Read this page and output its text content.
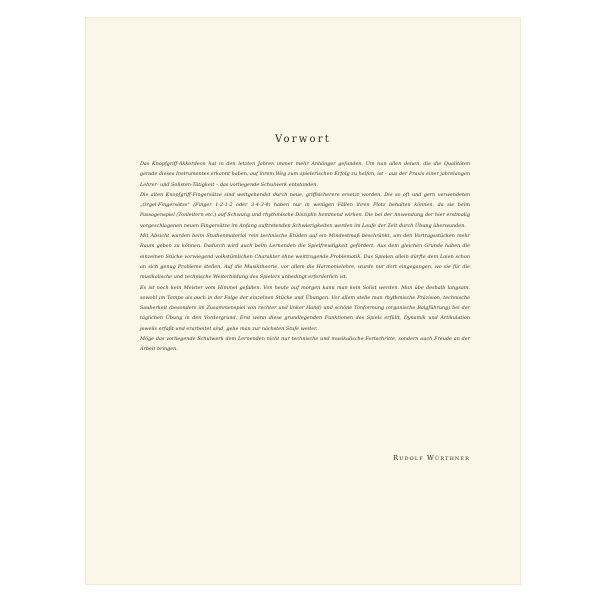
Vorwort

Das Knopfgriff-Akkordeon hat in den letzten Jahren immer mehr Anhänger gefunden. Um nun allen denen, die die Qualitäten gerade dieses Instrumentes erkannt haben, auf ihrem Weg zum spielerischen Erfolg zu helfen, ist – aus der Praxis einer jahrelangen Lehrer- und Solisten-Tätigkeit – das vorliegende Schulwerk entstanden.

Die alten Knopfgriff-Fingersätze sind weitgehendst durch neue, griffsicherere ersetzt worden. Die so oft und gern verwendeten „Orgel-Fingersätze" (Finger 1-2-1-2 oder 3-4-3-4) haben nur in wenigen Fällen ihren Platz behalten können, da sie beim Passagenspiel (Tonleitern etc.) auf Schwung und rhythmische Disziplin hemmend wirken. Die bei der Anwendung der hier erstmalig vorgeschlagenen neuen Fingersätze im Anfang auftretenden Schwierigkeiten werden im Laufe der Zeit durch Übung überwunden.

Mit Absicht wurden beim Studienmaterial rein technische Etüden auf ein Mindestmaß beschränkt, um den Vortragsstücken mehr Raum geben zu können. Dadurch wird auch beim Lernenden die Spielfreudigkeit gefördert. Aus dem gleichen Grunde haben die einzelnen Stücke vorwiegend volkstümlichen Charakter ohne weittragende Problematik. Das Spielen allein dürfte dem Laien schon an sich genug Probleme stellen. Auf die Musiktheorie, vor allem die Harmonielehre, wurde nur dort eingegangen, wo sie für die musikalische und technische Weiterbildung des Spielers unbedingt erforderlich ist.

Es ist noch kein Meister vom Himmel gefallen. Von heute auf morgen kann man kein Solist werden. Man übe deshalb langsam, sowohl im Tempo als auch in der Folge der einzelnen Stücke und Übungen. Vor allem stelle man rhythmische Präzision, technische Sauberkeit (besonders im Zusammenspiel von rechter und linker Hand) und schöne Tonformung (organische Balgführung) bei der täglichen Übung in den Vordergrund. Erst wenn diese grundlegenden Funktionen des Spiels erfüllt, Dynamik und Artikulation jeweils erfaßt und erarbeitet sind, gehe man zur nächsten Stufe weiter.

Möge das vorliegende Schulwerk dem Lernenden nicht nur technische und musikalische Fortschritte, sondern auch Freude an der Arbeit bringen.

Rudolf Würthner
